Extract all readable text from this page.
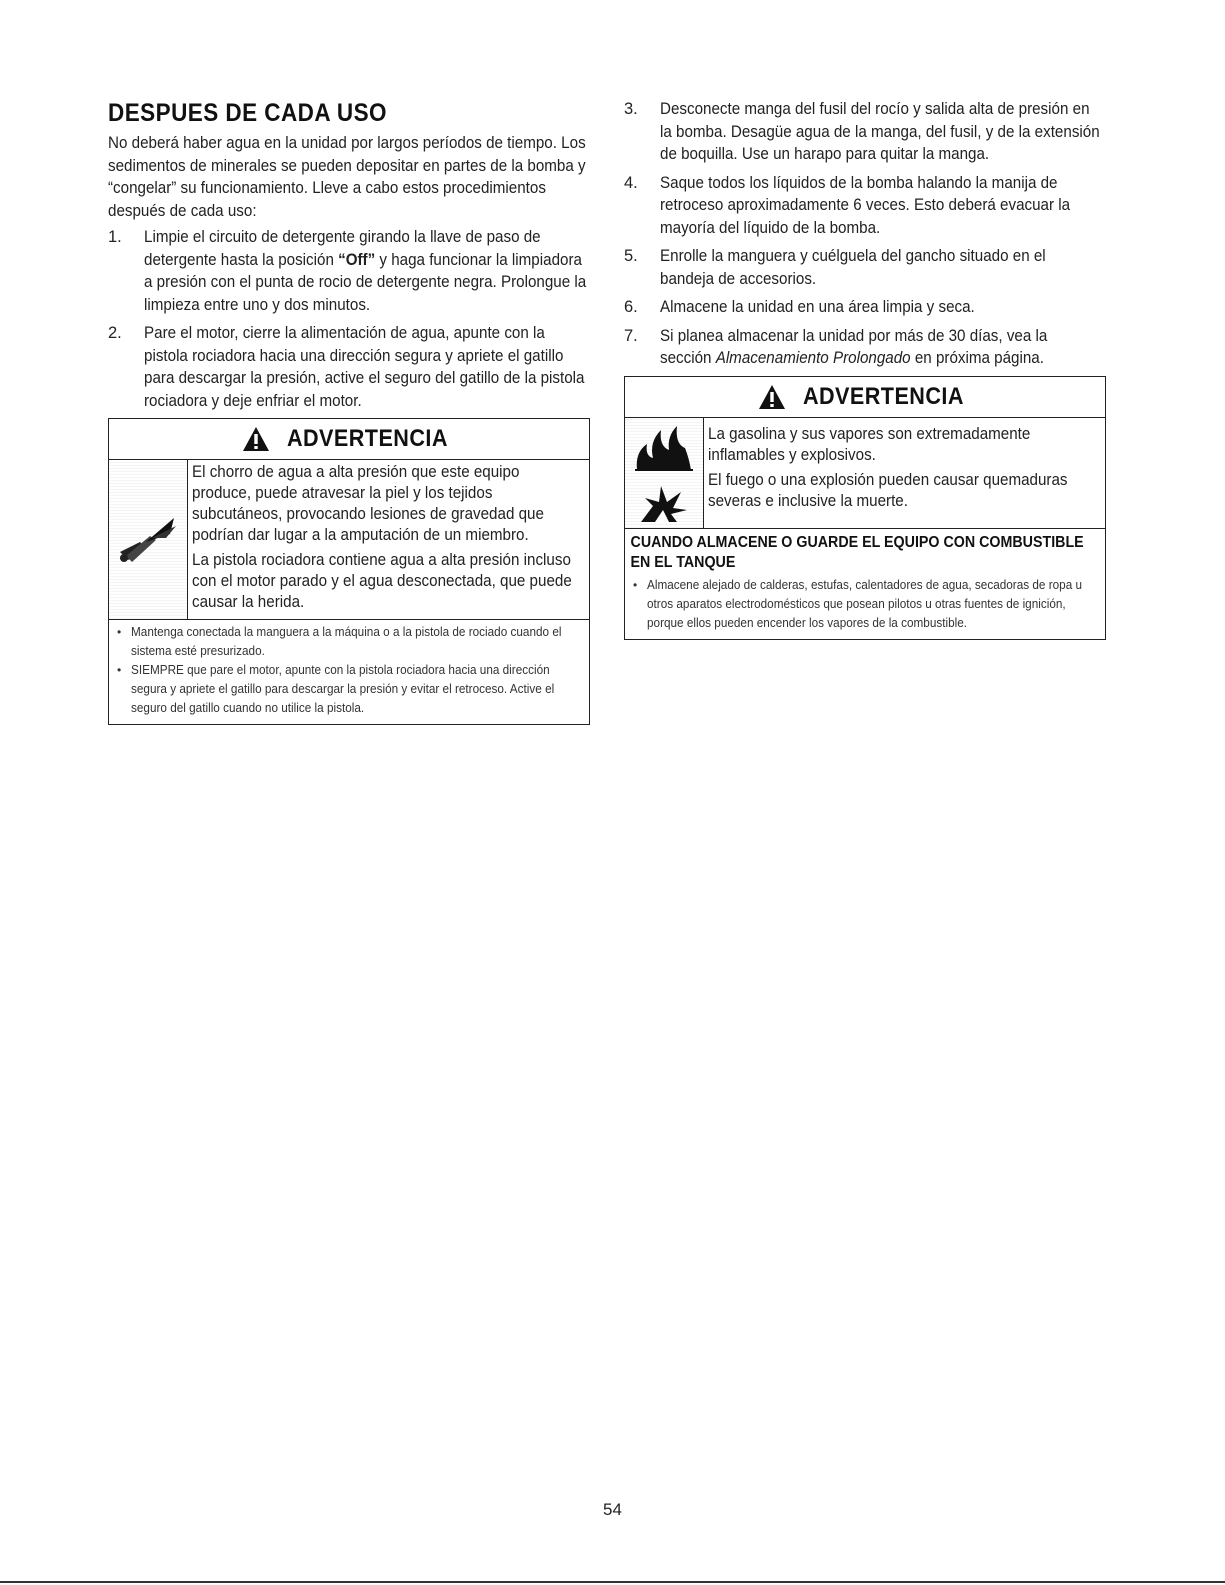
DESPUES DE CADA USO

No deberá haber agua en la unidad por largos períodos de tiempo. Los sedimentos de minerales se pueden depositar en partes de la bomba y “congelar” su funcionamiento. Lleve a cabo estos procedimientos después de cada uso:

1. Limpie el circuito de detergente girando la llave de paso de detergente hasta la posición “Off” y haga funcionar la limpiadora a presión con el punta de rocio de detergente negra. Prolongue la limpieza entre uno y dos minutos.
2. Pare el motor, cierre la alimentación de agua, apunte con la pistola rociadora hacia una dirección segura y apriete el gatillo para descargar la presión, active el seguro del gatillo de la pistola rociadora y deje enfriar el motor.
ADVERTENCIA

El chorro de agua a alta presión que este equipo produce, puede atravesar la piel y los tejidos subcutáneos, provocando lesiones de gravedad que podrían dar lugar a la amputación de un miembro.

La pistola rociadora contiene agua a alta presión incluso con el motor parado y el agua desconectada, que puede causar la herida.

• Mantenga conectada la manguera a la máquina o a la pistola de rociado cuando el sistema esté presurizado.
• SIEMPRE que pare el motor, apunte con la pistola rociadora hacia una dirección segura y apriete el gatillo para descargar la presión y evitar el retroceso. Active el seguro del gatillo cuando no utilice la pistola.
3. Desconecte manga del fusil del rocío y salida alta de presión en la bomba. Desagüe agua de la manga, del fusil, y de la extensión de boquilla. Use un harapo para quitar la manga.
4. Saque todos los líquidos de la bomba halando la manija de retroceso aproximadamente 6 veces. Esto deberá evacuar la mayoría del líquido de la bomba.
5. Enrolle la manguera y cuélguela del gancho situado en el bandeja de accesorios.
6. Almacene la unidad en una área limpia y seca.
7. Si planea almacenar la unidad por más de 30 días, vea la sección Almacenamiento Prolongado en próxima página.
ADVERTENCIA

La gasolina y sus vapores son extremadamente inflamables y explosivos.

El fuego o una explosión pueden causar quemaduras severas e inclusive la muerte.

CUANDO ALMACENE O GUARDE EL EQUIPO CON COMBUSTIBLE EN EL TANQUE
• Almacene alejado de calderas, estufas, calentadores de agua, secadoras de ropa u otros aparatos electrodomésticos que posean pilotos u otras fuentes de ignición, porque ellos pueden encender los vapores de la combustible.
54
